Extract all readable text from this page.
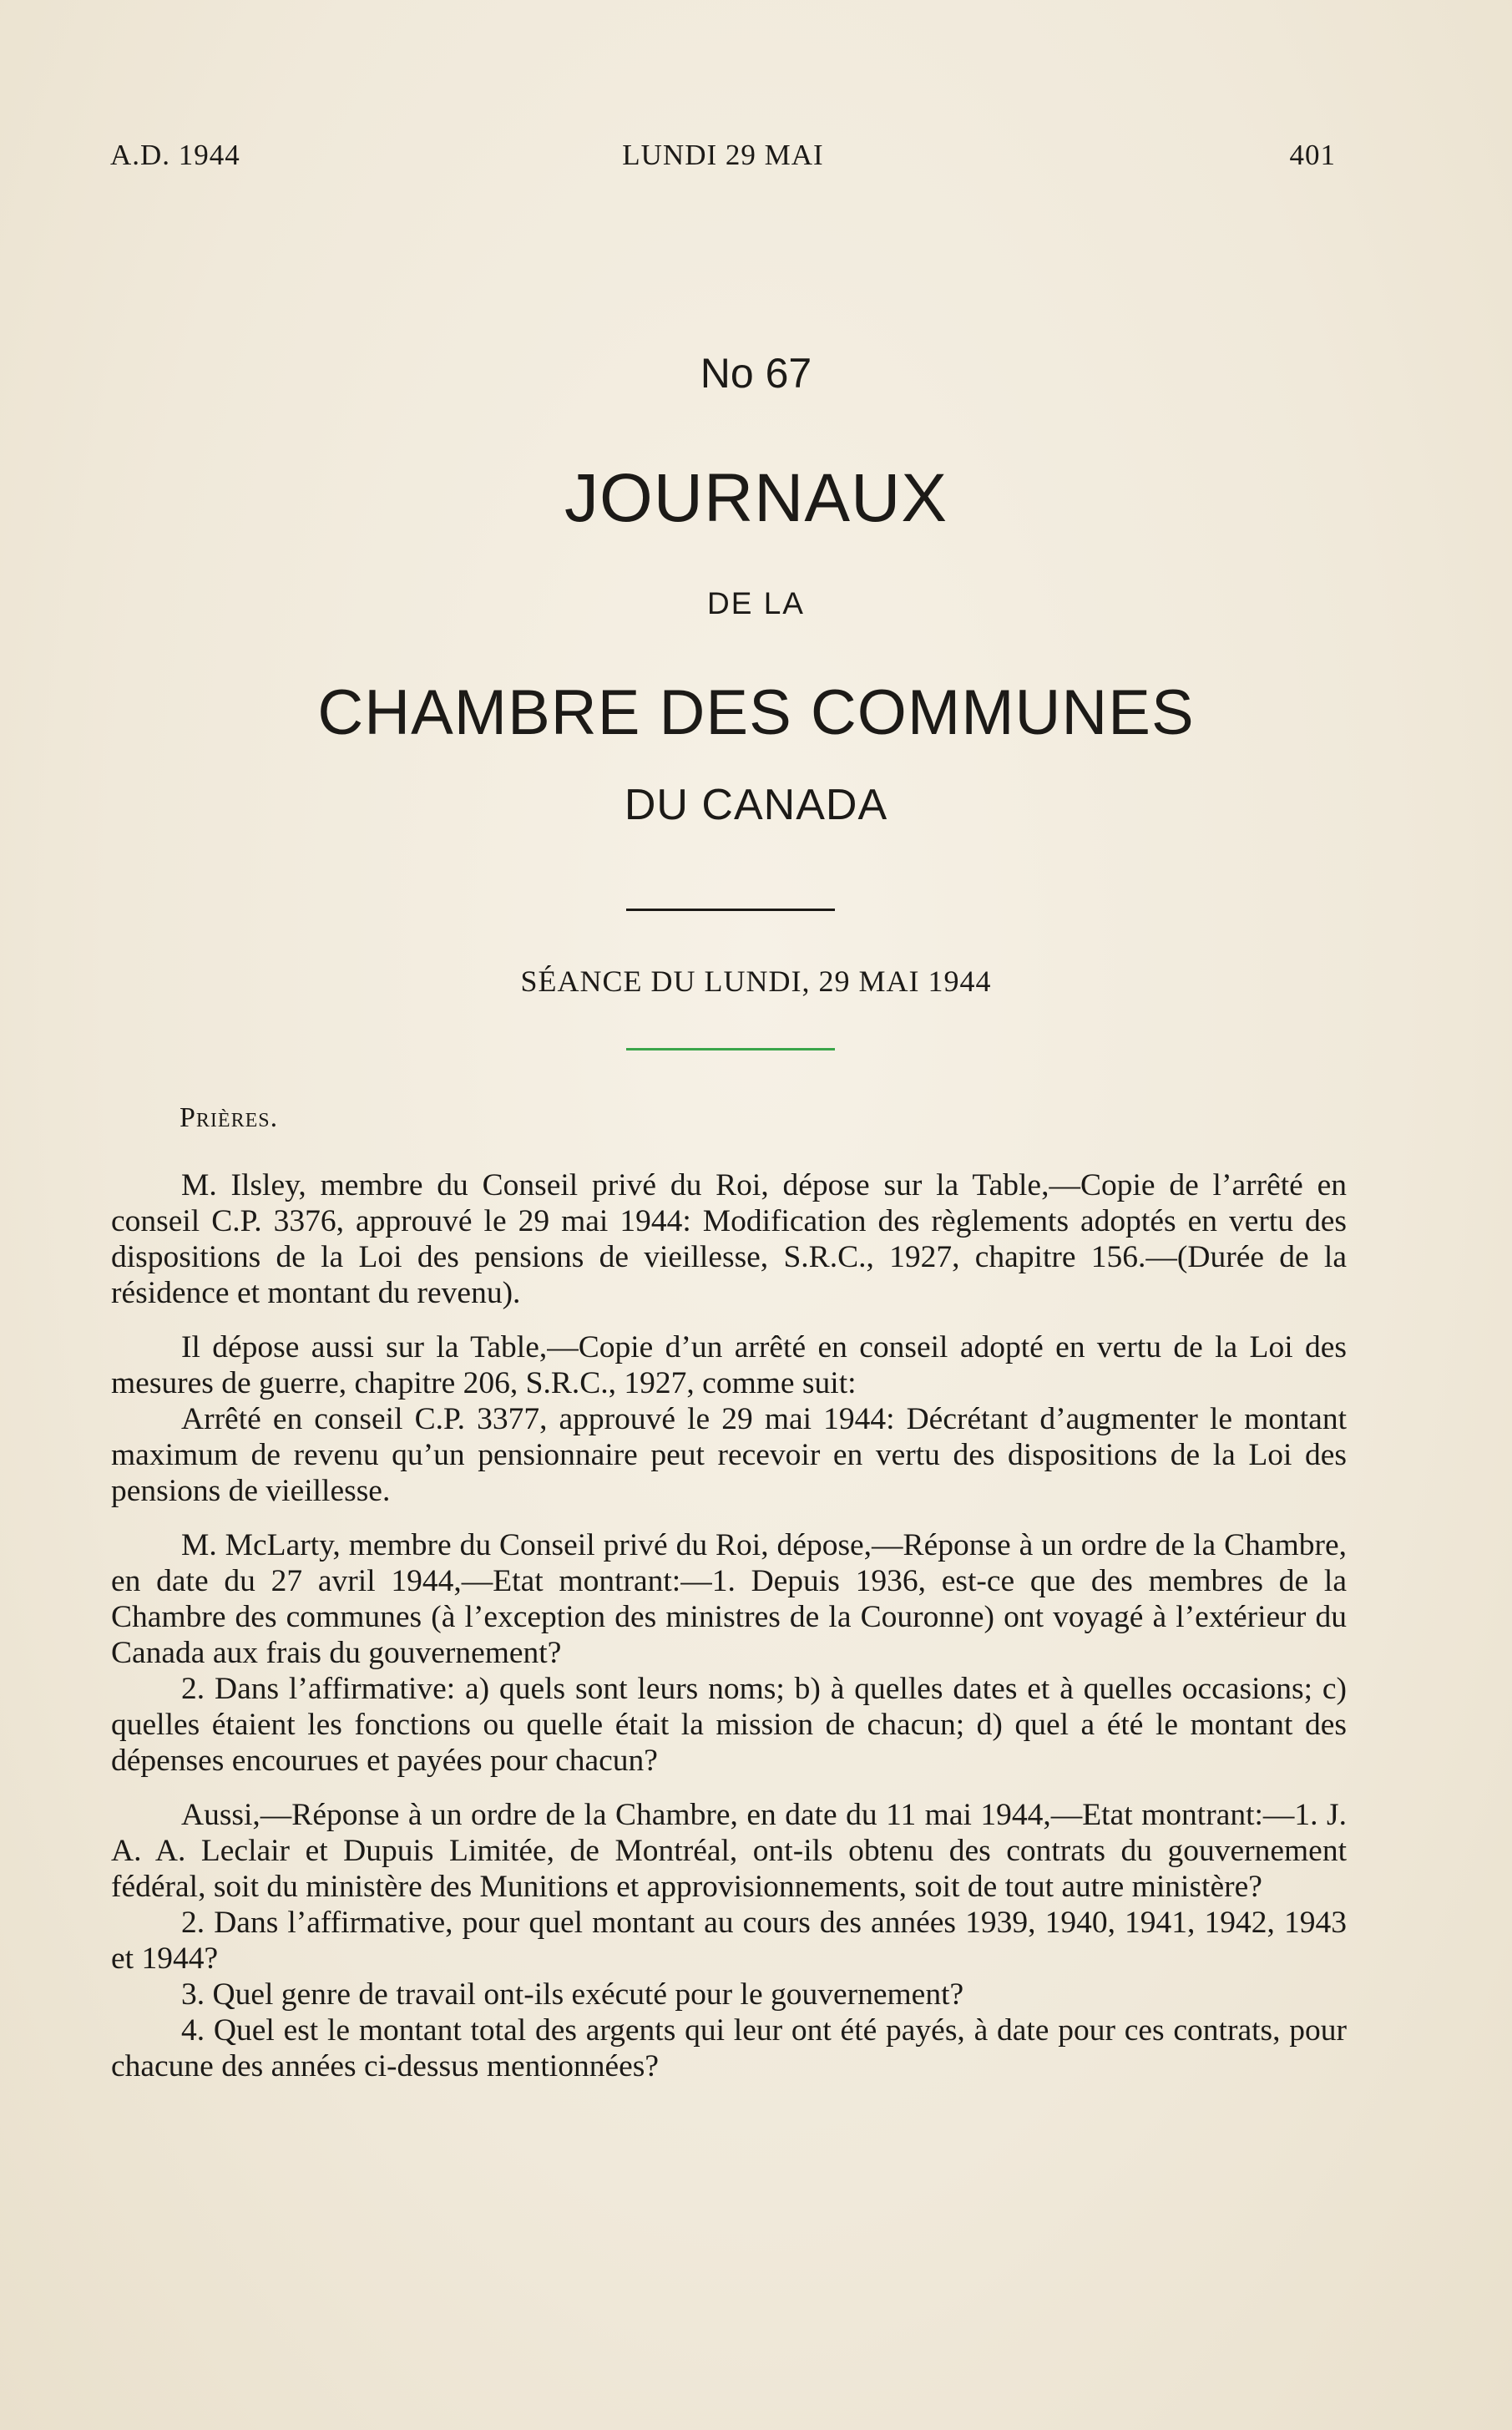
A.D. 1944	LUNDI 29 MAI	401
No 67
JOURNAUX
DE LA
CHAMBRE DES COMMUNES
DU CANADA
SÉANCE DU LUNDI, 29 MAI 1944
Prières.

M. Ilsley, membre du Conseil privé du Roi, dépose sur la Table,—Copie de l’arrêté en conseil C.P. 3376, approuvé le 29 mai 1944: Modification des règlements adoptés en vertu des dispositions de la Loi des pensions de vieillesse, S.R.C., 1927, chapitre 156.—(Durée de la résidence et montant du revenu).

Il dépose aussi sur la Table,—Copie d’un arrêté en conseil adopté en vertu de la Loi des mesures de guerre, chapitre 206, S.R.C., 1927, comme suit:

Arrêté en conseil C.P. 3377, approuvé le 29 mai 1944: Décrétant d’augmenter le montant maximum de revenu qu’un pensionnaire peut recevoir en vertu des dispositions de la Loi des pensions de vieillesse.

M. McLarty, membre du Conseil privé du Roi, dépose,—Réponse à un ordre de la Chambre, en date du 27 avril 1944,—Etat montrant:—1. Depuis 1936, est-ce que des membres de la Chambre des communes (à l’exception des ministres de la Couronne) ont voyagé à l’extérieur du Canada aux frais du gouvernement?

2. Dans l’affirmative: a) quels sont leurs noms; b) à quelles dates et à quelles occasions; c) quelles étaient les fonctions ou quelle était la mission de chacun; d) quel a été le montant des dépenses encourues et payées pour chacun?

Aussi,—Réponse à un ordre de la Chambre, en date du 11 mai 1944,—Etat montrant:—1. J. A. A. Leclair et Dupuis Limitée, de Montréal, ont-ils obtenu des contrats du gouvernement fédéral, soit du ministère des Munitions et approvisionnements, soit de tout autre ministère?

2. Dans l’affirmative, pour quel montant au cours des années 1939, 1940, 1941, 1942, 1943 et 1944?

3. Quel genre de travail ont-ils exécuté pour le gouvernement?

4. Quel est le montant total des argents qui leur ont été payés, à date pour ces contrats, pour chacune des années ci-dessus mentionnées?
